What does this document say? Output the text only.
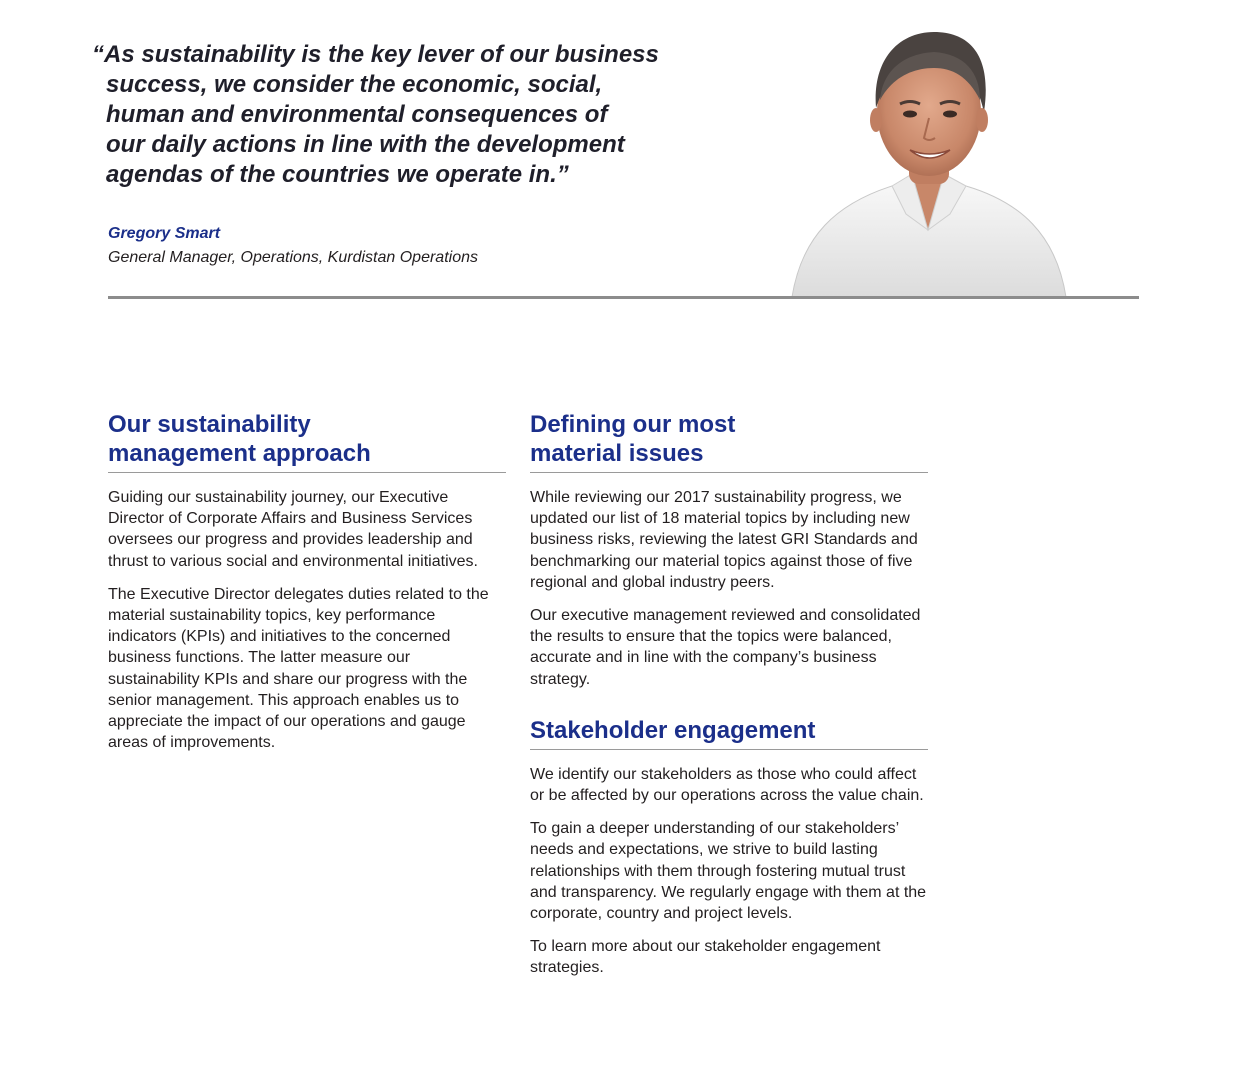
“As sustainability is the key lever of our business
success, we consider the economic, social,
human and environmental consequences of
our daily actions in line with the development
agendas of the countries we operate in.”

Gregory Smart

General Manager, Operations, Kurdistan Operations

Our sustainability
management approach

Guiding our sustainability journey, our Executive Director of Corporate Affairs and Business Services oversees our progress and provides leadership and thrust to various social and environmental initiatives.

The Executive Director delegates duties related to the material sustainability topics, key performance indicators (KPIs) and initiatives to the concerned business functions. The latter measure our sustainability KPIs and share our progress with the senior management. This approach enables us to appreciate the impact of our operations and gauge areas of improvements.

Defining our most
material issues

While reviewing our 2017 sustainability progress, we updated our list of 18 material topics by including new business risks, reviewing the latest GRI Standards and benchmarking our material topics against those of five regional and global industry peers.

Our executive management reviewed and consolidated the results to ensure that the topics were balanced, accurate and in line with the company’s business strategy.

Stakeholder engagement

We identify our stakeholders as those who could affect or be affected by our operations across the value chain.

To gain a deeper understanding of our stakeholders’ needs and expectations, we strive to build lasting relationships with them through fostering mutual trust and transparency. We regularly engage with them at the corporate, country and project levels.

To learn more about our stakeholder engagement strategies.
